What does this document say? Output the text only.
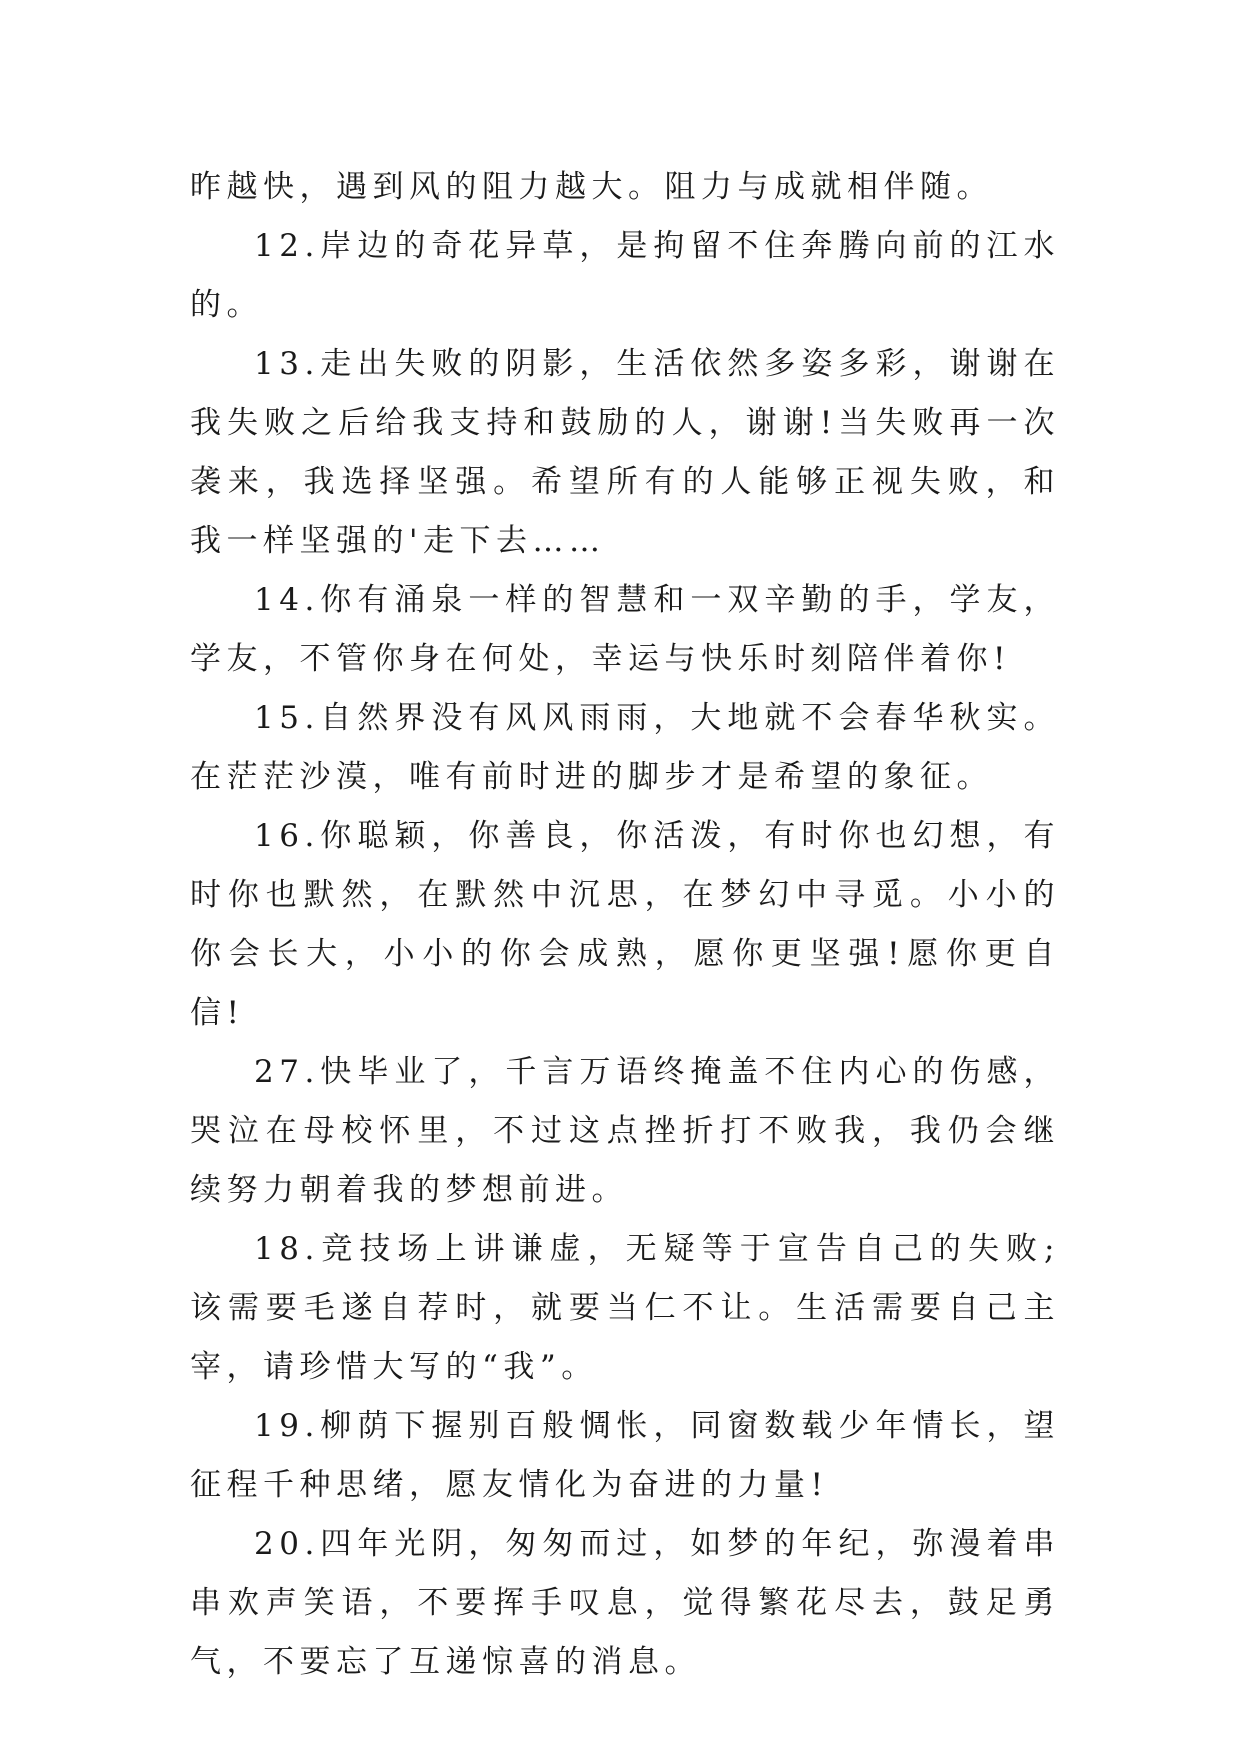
昨越快，遇到风的阻力越大。阻力与成就相伴随。

12.岸边的奇花异草，是拘留不住奔腾向前的江水的。

13.走出失败的阴影，生活依然多姿多彩，谢谢在我失败之后给我支持和鼓励的人，谢谢!当失败再一次袭来，我选择坚强。希望所有的人能够正视失败，和我一样坚强的'走下去……

14.你有涌泉一样的智慧和一双辛勤的手，学友，学友，不管你身在何处，幸运与快乐时刻陪伴着你!

15.自然界没有风风雨雨，大地就不会春华秋实。在茫茫沙漠，唯有前时进的脚步才是希望的象征。

16.你聪颖，你善良，你活泼，有时你也幻想，有时你也默然，在默然中沉思，在梦幻中寻觅。小小的你会长大，小小的你会成熟，愿你更坚强!愿你更自信!

27.快毕业了，千言万语终掩盖不住内心的伤感，哭泣在母校怀里，不过这点挫折打不败我，我仍会继续努力朝着我的梦想前进。

18.竞技场上讲谦虚，无疑等于宣告自己的失败;该需要毛遂自荐时，就要当仁不让。生活需要自己主宰，请珍惜大写的“我”。

19.柳荫下握别百般惆怅，同窗数载少年情长，望征程千种思绪，愿友情化为奋进的力量!

20.四年光阴，匆匆而过，如梦的年纪，弥漫着串串欢声笑语，不要挥手叹息，觉得繁花尽去，鼓足勇气，不要忘了互递惊喜的消息。
